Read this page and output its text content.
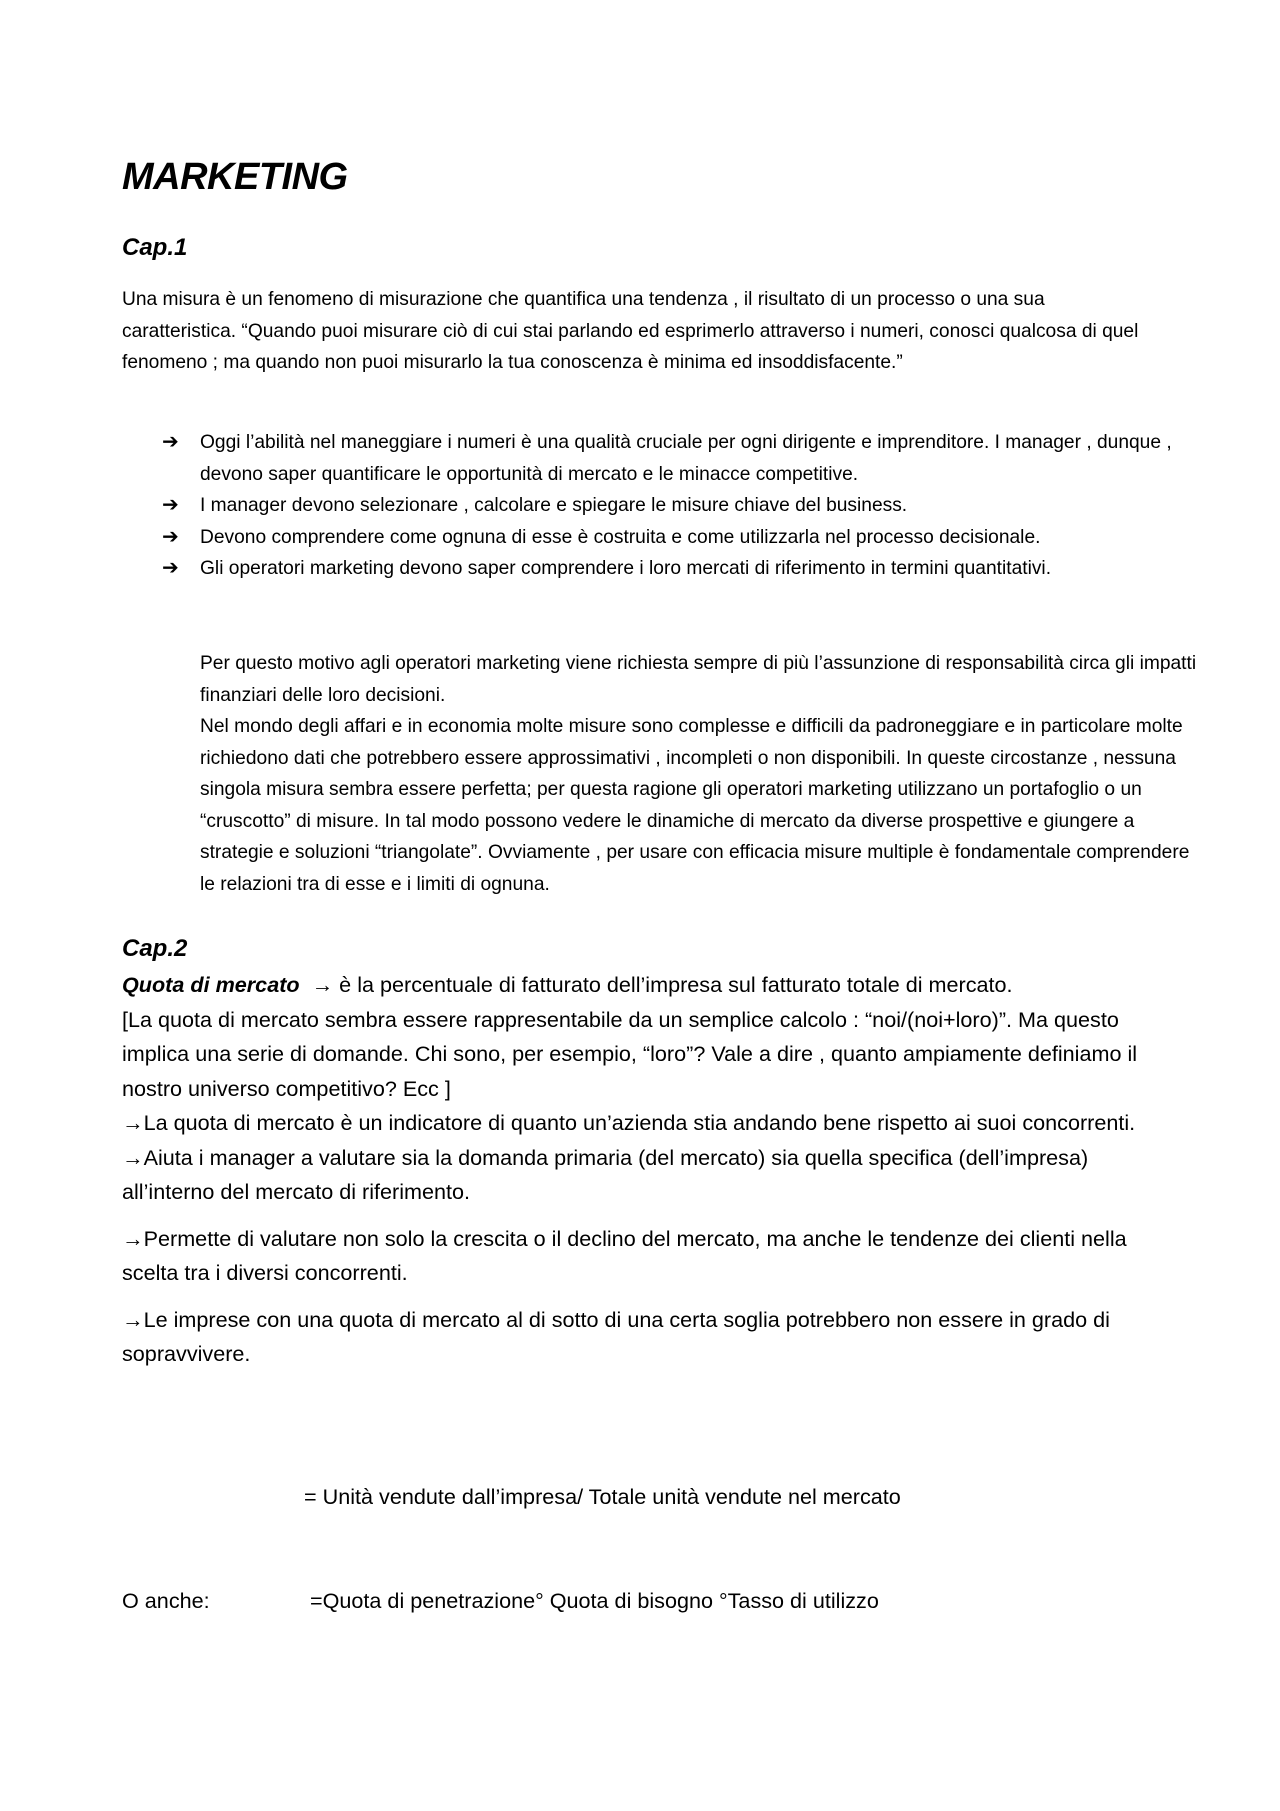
MARKETING
Cap.1

Una misura è un fenomeno di misurazione che quantifica una tendenza , il risultato di un processo o una sua caratteristica. “Quando puoi misurare ciò di cui stai parlando ed esprimerlo attraverso i numeri, conosci qualcosa di quel fenomeno ; ma quando non puoi misurarlo la tua conoscenza è minima ed insoddisfacente.”

➔ Oggi l’abilità nel maneggiare i numeri è una qualità cruciale per ogni dirigente e imprenditore. I manager , dunque , devono saper quantificare le opportunità di mercato e le minacce competitive.
➔ I manager devono selezionare , calcolare e spiegare le misure chiave del business.
➔ Devono comprendere come ognuna di esse è costruita e come utilizzarla nel processo decisionale.
➔ Gli operatori marketing devono saper comprendere i loro mercati di riferimento in termini quantitativi.

Per questo motivo agli operatori marketing viene richiesta sempre di più l’assunzione di responsabilità circa gli impatti finanziari delle loro decisioni.

Nel mondo degli affari e in economia molte misure sono complesse e difficili da padroneggiare e in particolare molte richiedono dati che potrebbero essere approssimativi , incompleti o non disponibili. In queste circostanze , nessuna singola misura sembra essere perfetta; per questa ragione gli operatori marketing utilizzano un portafoglio o un “cruscotto” di misure. In tal modo possono vedere le dinamiche di mercato da diverse prospettive e giungere a strategie e soluzioni “triangolate”. Ovviamente , per usare con efficacia misure multiple è fondamentale comprendere le relazioni tra di esse e i limiti di ognuna.

Cap.2

Quota di mercato → è la percentuale di fatturato dell’impresa sul fatturato totale di mercato.

[La quota di mercato sembra essere rappresentabile da un semplice calcolo : “noi/(noi+loro)”. Ma questo implica una serie di domande. Chi sono, per esempio, “loro”? Vale a dire , quanto ampiamente definiamo il nostro universo competitivo? Ecc ]

→La quota di mercato è un indicatore di quanto un’azienda stia andando bene rispetto ai suoi concorrenti.

→Aiuta i manager a valutare sia la domanda primaria (del mercato) sia quella specifica (dell’impresa) all’interno del mercato di riferimento.

→Permette di valutare non solo la crescita o il declino del mercato, ma anche le tendenze dei clienti nella scelta tra i diversi concorrenti.

→Le imprese con una quota di mercato al di sotto di una certa soglia potrebbero non essere in grado di sopravvivere.

= Unità vendute dall’impresa/ Totale unità vendute nel mercato

O anche:	=Quota di penetrazione° Quota di bisogno °Tasso di utilizzo
